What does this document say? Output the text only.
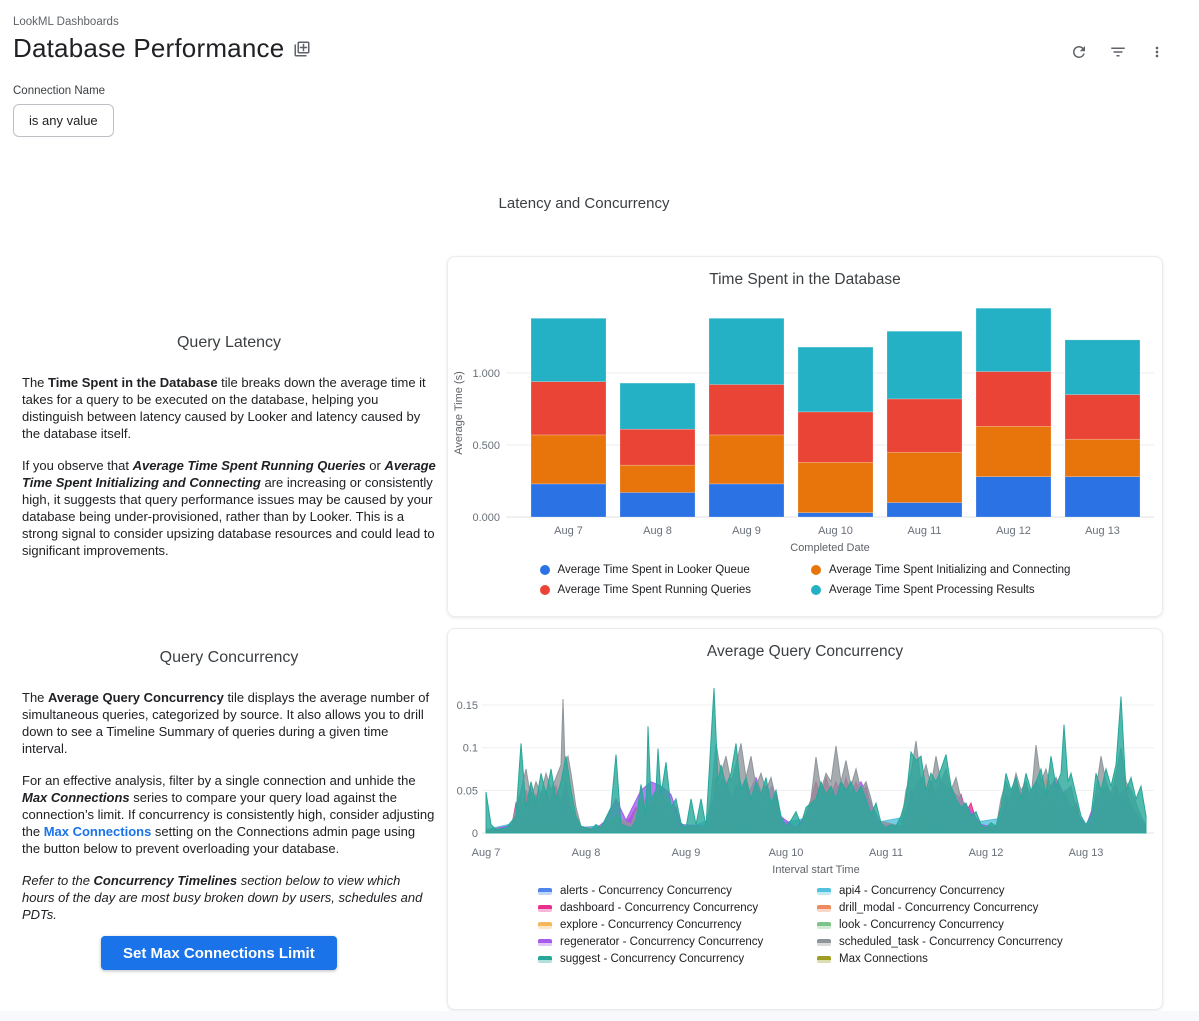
LookML Dashboards
Database Performance
Connection Name
is any value
Latency and Concurrency
Query Latency

The Time Spent in the Database tile breaks down the average time it takes for a query to be executed on the database, helping you distinguish between latency caused by Looker and latency caused by the database itself.

If you observe that Average Time Spent Running Queries or Average Time Spent Initializing and Connecting are increasing or consistently high, it suggests that query performance issues may be caused by your database being under-provisioned, rather than by Looker. This is a strong signal to consider upsizing database resources and could lead to significant improvements.

Query Concurrency

The Average Query Concurrency tile displays the average number of simultaneous queries, categorized by source. It also allows you to drill down to see a Timeline Summary of queries during a given time interval.

For an effective analysis, filter by a single connection and unhide the Max Connections series to compare your query load against the connection’s limit. If concurrency is consistently high, consider adjusting the Max Connections setting on the Connections admin page using the button below to prevent overloading your database.

Refer to the Concurrency Timelines section below to view which hours of the day are most busy broken down by users, schedules and PDTs.

Set Max Connections Limit
Time Spent in the Database
0.000
0.500
1.000
Aug 7	Aug 8	Aug 9	Aug 10	Aug 11	Aug 12	Aug 13
Completed Date
Average Time (s)
Average Time Spent in Looker Queue	Average Time Spent Initializing and Connecting
Average Time Spent Running Queries	Average Time Spent Processing Results
Average Query Concurrency
0
0.05
0.1
0.15
Aug 7	Aug 8	Aug 9	Aug 10	Aug 11	Aug 12	Aug 13
Interval start Time
alerts - Concurrency Concurrency	api4 - Concurrency Concurrency
dashboard - Concurrency Concurrency	drill_modal - Concurrency Concurrency
explore - Concurrency Concurrency	look - Concurrency Concurrency
regenerator - Concurrency Concurrency	scheduled_task - Concurrency Concurrency
suggest - Concurrency Concurrency	Max Connections
